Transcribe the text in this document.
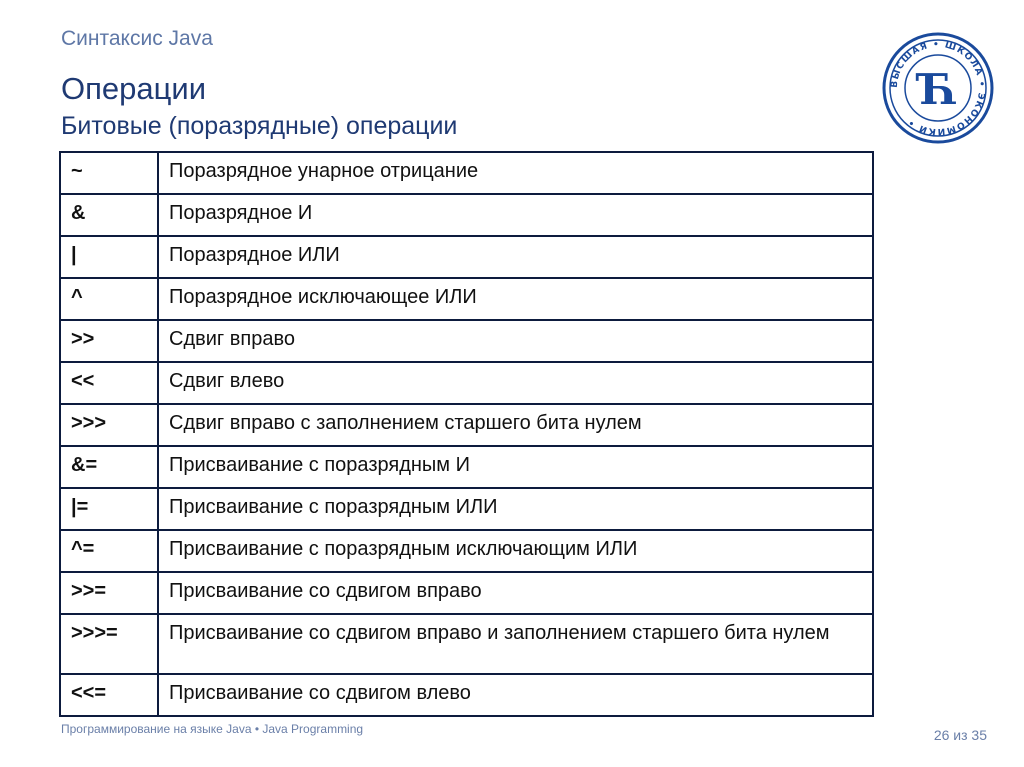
Синтаксис Java
Операции
Битовые (поразрядные) операции
ВЫСШАЯ • ШКОЛА • ЭКОНОМИКИ •
Ћ
~	Поразрядное унарное отрицание
&	Поразрядное И
|	Поразрядное ИЛИ
^	Поразрядное исключающее ИЛИ
>>	Сдвиг вправо
<<	Сдвиг влево
>>>	Сдвиг вправо с заполнением старшего бита нулем
&=	Присваивание с поразрядным И
|=	Присваивание с поразрядным ИЛИ
^=	Присваивание с поразрядным исключающим ИЛИ
>>=	Присваивание со сдвигом вправо
>>>=	Присваивание со сдвигом вправо и заполнением старшего бита нулем
<<=	Присваивание со сдвигом влево
Программирование на языке Java • Java Programming	26 из 35
